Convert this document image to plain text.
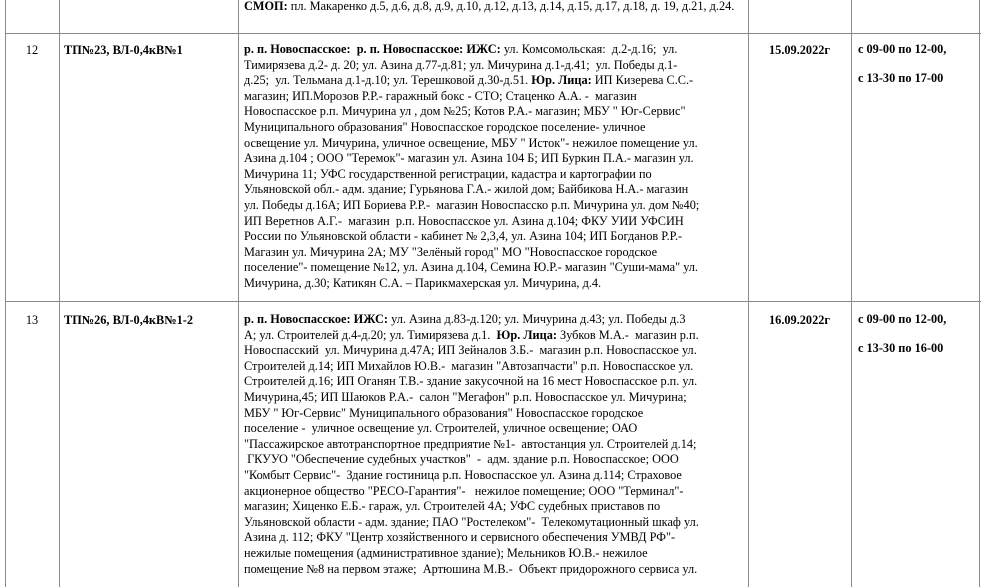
СМОП: пл. Макаренко д.5, д.6, д.8, д.9, д.10, д.12, д.13, д.14, д.15, д.17, д.18, д. 19, д.21, д.24.
12	ТП№23, ВЛ-0,4кВ№1	р. п. Новоспасское:  р. п. Новоспасское: ИЖС: ул. Комсомольская:  д.2-д.16;  ул.
Тимирязева д.2- д. 20; ул. Азина д.77-д.81; ул. Мичурина д.1-д.41;  ул. Победы д.1-
д.25;  ул. Тельмана д.1-д.10; ул. Терешковой д.30-д.51. Юр. Лица: ИП Кизерева С.С.-
магазин; ИП.Морозов Р.Р.- гаражный бокс - СТО; Стаценко А.А. -  магазин
Новоспасское р.п. Мичурина ул , дом №25; Котов Р.А.- магазин; МБУ " Юг-Сервис"
Муниципального образования" Новоспасское городское поселение- уличное
освещение ул. Мичурина, уличное освещение, МБУ " Исток"- нежилое помещение ул.
Азина д.104 ; ООО "Теремок"- магазин ул. Азина 104 Б; ИП Буркин П.А.- магазин ул.
Мичурина 11; УФС государственной регистрации, кадастра и картографии по
Ульяновской обл.- адм. здание; Гурьянова Г.А.- жилой дом; Байбикова Н.А.- магазин
ул. Победы д.16А; ИП Бориева Р.Р.-  магазин Новоспасско р.п. Мичурина ул. дом №40;
ИП Веретнов А.Г.-  магазин  р.п. Новоспасское ул. Азина д.104; ФКУ УИИ УФСИН
России по Ульяновской области - кабинет № 2,3,4, ул. Азина 104; ИП Богданов Р.Р.-
Магазин ул. Мичурина 2А; МУ "Зелёный город" МО "Новоспасское городское
поселение"- помещение №12, ул. Азина д.104, Семина Ю.Р.- магазин "Суши-мама" ул.
Мичурина, д.30; Катикян С.А. – Парикмахерская ул. Мичурина, д.4.
15.09.2022г	с 09-00 по 12-00,
с 13-30 по 17-00
13	ТП№26, ВЛ-0,4кВ№1-2	р. п. Новоспасское: ИЖС: ул. Азина д.83-д.120; ул. Мичурина д.43; ул. Победы д.3
А; ул. Строителей д.4-д.20; ул. Тимирязева д.1.  Юр. Лица: Зубков М.А.-  магазин р.п.
Новоспасский  ул. Мичурина д.47А; ИП Зейналов З.Б.-  магазин р.п. Новоспасское ул.
Строителей д.14; ИП Михайлов Ю.В.-  магазин "Автозапчасти" р.п. Новоспасское ул.
Строителей д.16; ИП Оганян Т.В.- здание закусочной на 16 мест Новоспасское р.п. ул.
Мичурина,45; ИП Шаюков Р.А.-  салон "Мегафон" р.п. Новоспасское ул. Мичурина;
МБУ " Юг-Сервис" Муниципального образования" Новоспасское городское
поселение -  уличное освещение ул. Строителей, уличное освещение; ОАО
"Пассажирское автотранспортное предприятие №1-  автостанция ул. Строителей д.14;
ГКУУО "Обеспечение судебных участков"  -  адм. здание р.п. Новоспасское; ООО
"Комбыт Сервис"-  Здание гостиница р.п. Новоспасское ул. Азина д.114; Страховое
акционерное общество "РЕСО-Гарантия"-   нежилое помещение; ООО "Терминал"-
магазин; Хиценко Е.Б.- гараж, ул. Строителей 4А; УФС судебных приставов по
Ульяновской области - адм. здание; ПАО "Ростелеком"-  Телекомутационный шкаф ул.
Азина д. 112; ФКУ "Центр хозяйственного и сервисного обеспечения УМВД РФ"-
нежилые помещения (административное здание); Мельников Ю.В.- нежилое
помещение №8 на первом этаже;  Артюшина М.В.-  Объект придорожного сервиса ул.
16.09.2022г	с 09-00 по 12-00,
с 13-30 по 16-00
